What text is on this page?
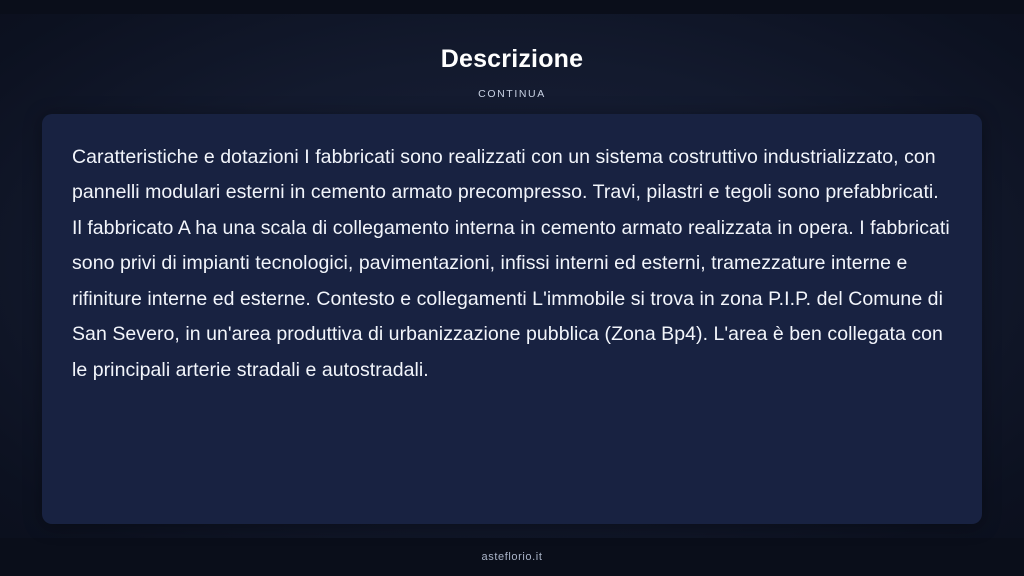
Descrizione
CONTINUA

Caratteristiche e dotazioni I fabbricati sono realizzati con un sistema costruttivo industrializzato, con pannelli modulari esterni in cemento armato precompresso. Travi, pilastri e tegoli sono prefabbricati. Il fabbricato A ha una scala di collegamento interna in cemento armato realizzata in opera. I fabbricati sono privi di impianti tecnologici, pavimentazioni, infissi interni ed esterni, tramezzature interne e rifiniture interne ed esterne. Contesto e collegamenti L'immobile si trova in zona P.I.P. del Comune di San Severo, in un'area produttiva di urbanizzazione pubblica (Zona Bp4). L'area è ben collegata con le principali arterie stradali e autostradali.

asteflorio.it
